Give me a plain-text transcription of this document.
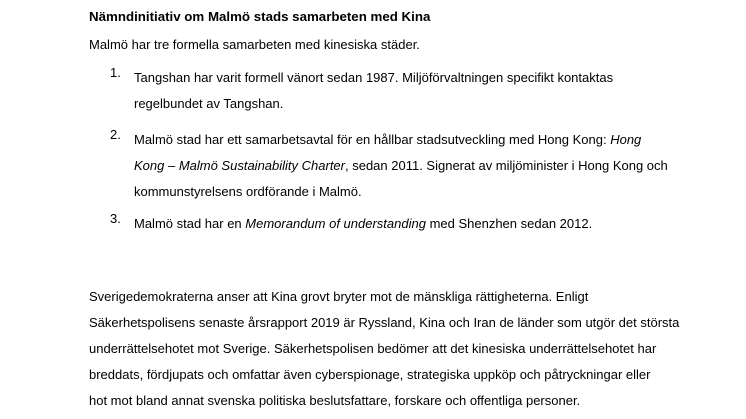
Nämndinitiativ om Malmö stads samarbeten med Kina
Malmö har tre formella samarbeten med kinesiska städer.
1.	Tangshan har varit formell vänort sedan 1987. Miljöförvaltningen specifikt kontaktas
regelbundet av Tangshan.
2.	Malmö stad har ett samarbetsavtal för en hållbar stadsutveckling med Hong Kong: Hong
Kong – Malmö Sustainability Charter, sedan 2011. Signerat av miljöminister i Hong Kong och
kommunstyrelsens ordförande i Malmö.
3.	Malmö stad har en Memorandum of understanding med Shenzhen sedan 2012.
Sverigedemokraterna anser att Kina grovt bryter mot de mänskliga rättigheterna. Enligt
Säkerhetspolisens senaste årsrapport 2019 är Ryssland, Kina och Iran de länder som utgör det största
underrättelsehotet mot Sverige. Säkerhetspolisen bedömer att det kinesiska underrättelsehotet har
breddats, fördjupats och omfattar även cyberspionage, strategiska uppköp och påtryckningar eller
hot mot bland annat svenska politiska beslutsfattare, forskare och offentliga personer.
